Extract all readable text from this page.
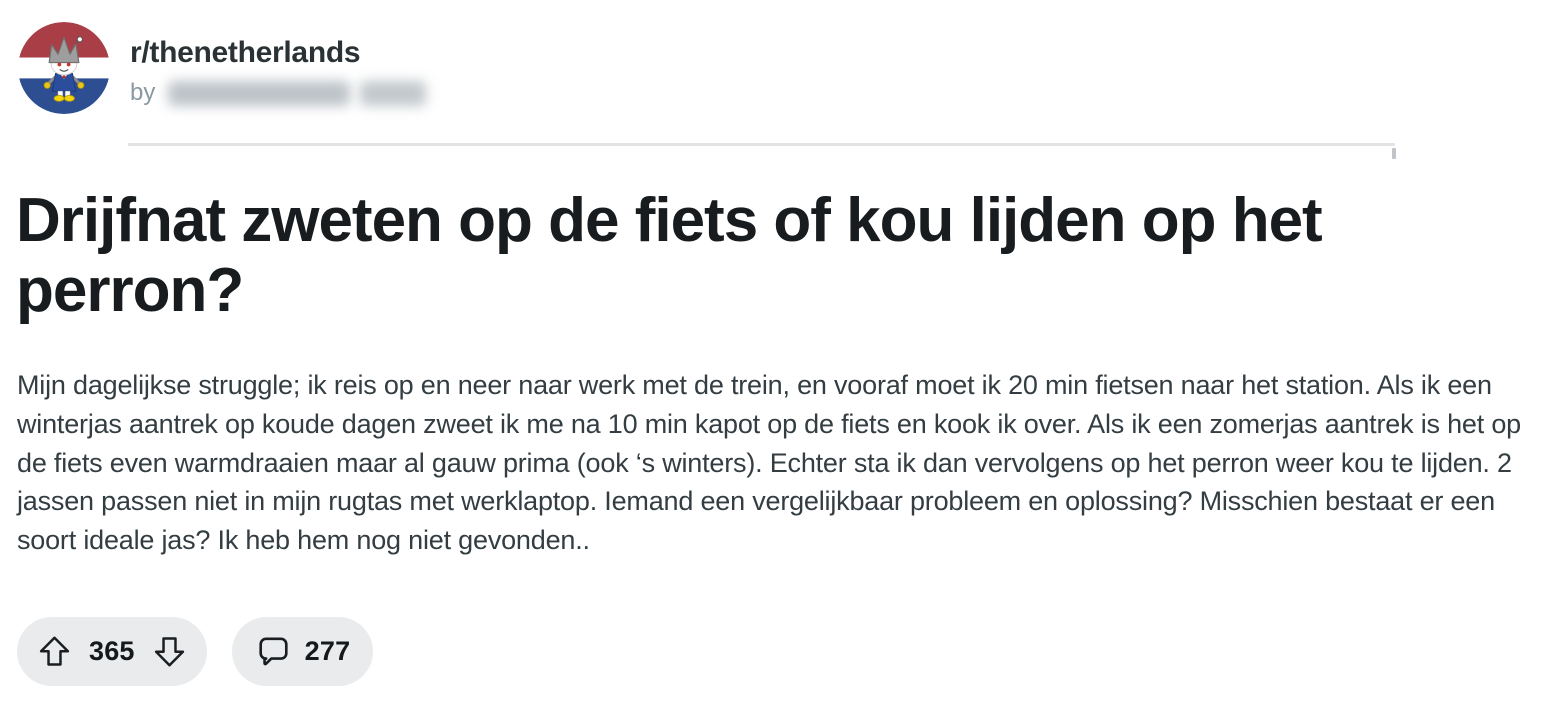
r/thenetherlands
by
Drijfnat zweten op de fiets of kou lijden op het perron?

Mijn dagelijkse struggle; ik reis op en neer naar werk met de trein, en vooraf moet ik 20 min fietsen naar het station. Als ik een winterjas aantrek op koude dagen zweet ik me na 10 min kapot op de fiets en kook ik over. Als ik een zomerjas aantrek is het op de fiets even warmdraaien maar al gauw prima (ook ‘s winters). Echter sta ik dan vervolgens op het perron weer kou te lijden. 2 jassen passen niet in mijn rugtas met werklaptop. Iemand een vergelijkbaar probleem en oplossing? Misschien bestaat er een soort ideale jas? Ik heb hem nog niet gevonden..

365	277
